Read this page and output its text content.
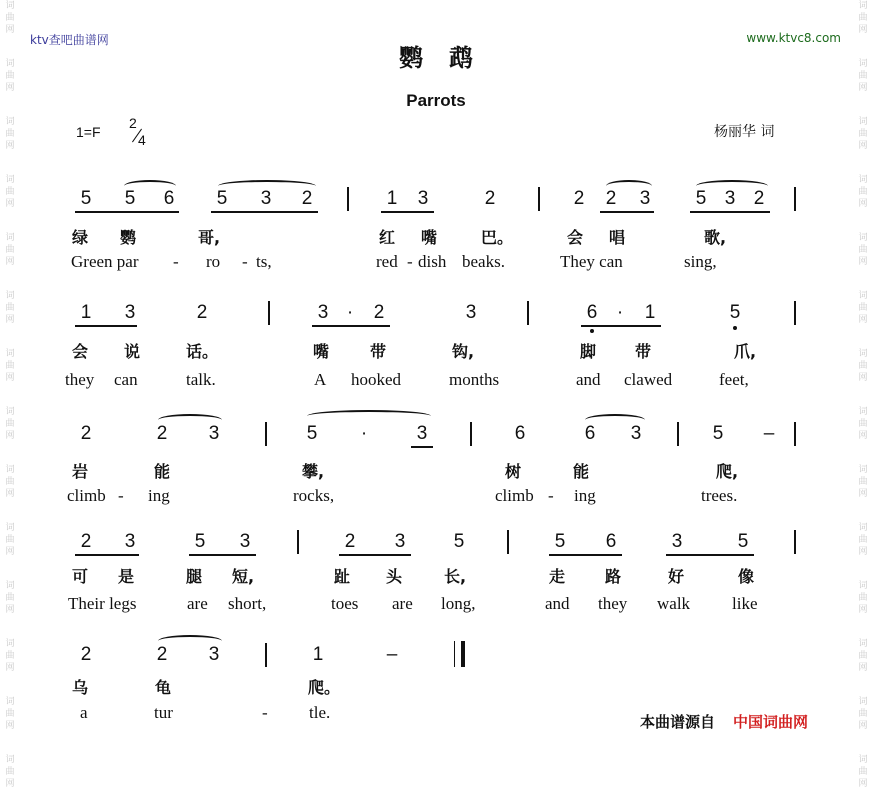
词
曲
网
词
曲
网
词
曲
网
词
曲
网
词
曲
网
词
曲
网
词
曲
网
词
曲
网
词
曲
网
词
曲
网
词
曲
网
词
曲
网
词
曲
网
词
曲
网
词
曲
网
词
曲
网
词
曲
网
词
曲
网
词
曲
网
词
曲
网
词
曲
网
词
曲
网
词
曲
网
词
曲
网
词
曲
网
词
曲
网
词
曲
网
词
曲
网
ktv查吧曲谱网	www.ktvc8.com
鹦鹉
Parrots
1=F
2
4	杨丽华 词
5 5 6 5 3 2	1 3	2	2 2 3 5 3 2
绿 鹦	哥,	红 嘴	巴。	会 唱	歌,
Green par - ro - ts,	red - dish beaks.	They can	sing,
1 3	2	3 ·	2	3	6	·	1	5
会 说	话。	嘴	带	钩,	脚 带	爪,
they can	talk.	A hooked	months	and clawed	feet,
2	2 3	5	·	3	6	6 3	5 –
岩	能	攀,	树	能	爬,
climb - ing	rocks,	climb - ing	trees.
2 3	5 3	2 3	5	5 6	3	5
可 是	腿 短,	趾 头	长,	走 路	好	像
Their legs	are short,	toes are long,	and they walk like
2	2 3	1	–
乌	龟	爬。
a	tur	- tle.	本曲谱源自 中国词曲网
